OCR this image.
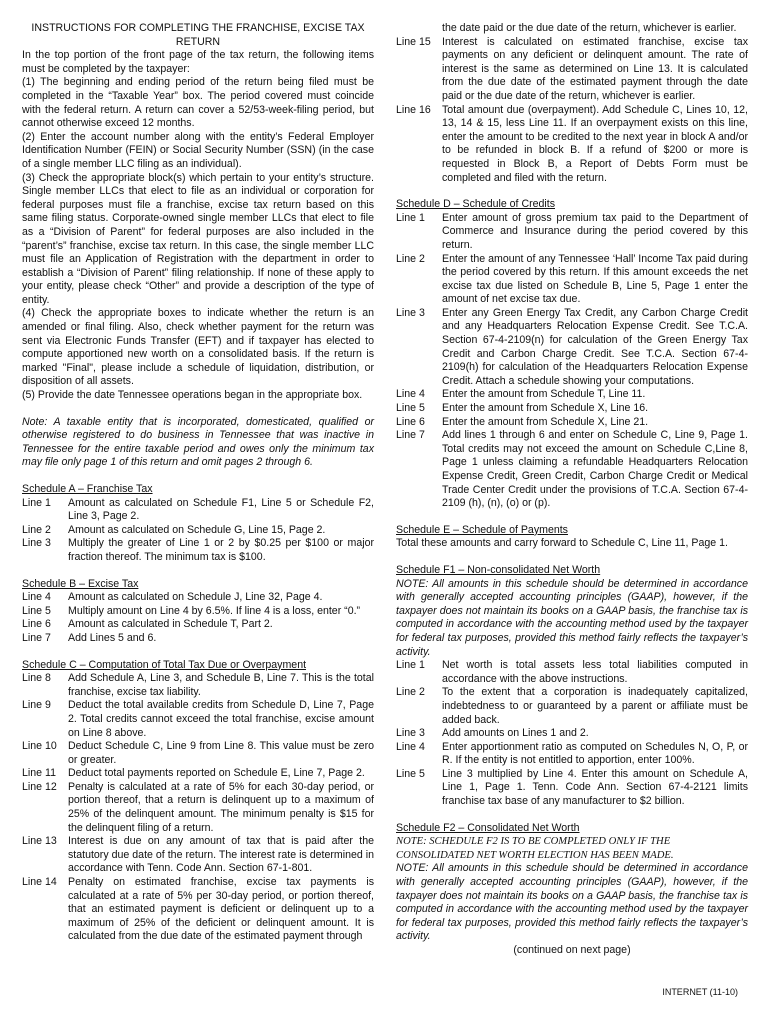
INSTRUCTIONS FOR COMPLETING THE FRANCHISE, EXCISE TAX RETURN

In the top portion of the front page of the tax return, the following items must be completed by the taxpayer:

(1) The beginning and ending period of the return being filed must be completed in the “Taxable Year” box. The period covered must coincide with the federal return. A return can cover a 52/53-week-filing period, but cannot otherwise exceed 12 months.

(2) Enter the account number along with the entity’s Federal Employer Identification Number (FEIN) or Social Security Number (SSN) (in the case of a single member LLC filing as an individual).

(3) Check the appropriate block(s) which pertain to your entity’s structure. Single member LLCs that elect to file as an individual or corporation for federal purposes must file a franchise, excise tax return based on this same filing status. Corporate-owned single member LLCs that elect to file as a “Division of Parent” for federal purposes are also included in the “parent’s” franchise, excise tax return. In this case, the single member LLC must file an Application of Registration with the department in order to establish a “Division of Parent” filing relationship. If none of these apply to your entity, please check “Other” and provide a description of the type of entity.

(4) Check the appropriate boxes to indicate whether the return is an amended or final filing. Also, check whether payment for the return was sent via Electronic Funds Transfer (EFT) and if taxpayer has elected to compute apportioned new worth on a consolidated basis. If the return is marked "Final", please include a schedule of liquidation, distribution, or disposition of all assets.

(5) Provide the date Tennessee operations began in the appropriate box.

Note: A taxable entity that is incorporated, domesticated, qualified or otherwise registered to do business in Tennessee that was inactive in Tennessee for the entire taxable period and owes only the minimum tax may file only page 1 of this return and omit pages 2 through 6.

Schedule A – Franchise Tax

Line 1	Amount as calculated on Schedule F1, Line 5 or Schedule F2, Line 3, Page 2.
Line 2	Amount as calculated on Schedule G, Line 15, Page 2.
Line 3	Multiply the greater of Line 1 or 2 by $0.25 per $100 or major fraction thereof. The minimum tax is $100.

Schedule B – Excise Tax

Line 4	Amount as calculated on Schedule J, Line 32, Page 4.
Line 5	Multiply amount on Line 4 by 6.5%. If line 4 is a loss, enter “0.”
Line 6	Amount as calculated in Schedule T, Part 2.
Line 7	Add Lines 5 and 6.

Schedule C – Computation of Total Tax Due or Overpayment

Line 8	Add Schedule A, Line 3, and Schedule B, Line 7. This is the total franchise, excise tax liability.
Line 9	Deduct the total available credits from Schedule D, Line 7, Page 2. Total credits cannot exceed the total franchise, excise amount on Line 8 above.
Line 10	Deduct Schedule C, Line 9 from Line 8. This value must be zero or greater.
Line 11	Deduct total payments reported on Schedule E, Line 7, Page 2.
Line 12	Penalty is calculated at a rate of 5% for each 30-day period, or portion thereof, that a return is delinquent up to a maximum of 25% of the delinquent amount. The minimum penalty is $15 for the delinquent filing of a return.
Line 13	Interest is due on any amount of tax that is paid after the statutory due date of the return. The interest rate is determined in accordance with Tenn. Code Ann. Section 67-1-801.
Line 14	Penalty on estimated franchise, excise tax payments is calculated at a rate of 5% per 30-day period, or portion thereof, that an estimated payment is deficient or delinquent up to a maximum of 25% of the deficient or delinquent amount. It is calculated from the due date of the estimated payment through

the date paid or the due date of the return, whichever is earlier.

Line 15	Interest is calculated on estimated franchise, excise tax payments on any deficient or delinquent amount. The rate of interest is the same as determined on Line 13. It is calculated from the due date of the estimated payment through the date paid or the due date of the return, whichever is earlier.
Line 16	Total amount due (overpayment). Add Schedule C, Lines 10, 12, 13, 14 & 15, less Line 11. If an overpayment exists on this line, enter the amount to be credited to the next year in block A and/or to be refunded in block B. If a refund of $200 or more is requested in Block B, a Report of Debts Form must be completed and filed with the return.

Schedule D – Schedule of Credits

Line 1	Enter amount of gross premium tax paid to the Department of Commerce and Insurance during the period covered by this return.
Line 2	Enter the amount of any Tennessee ‘Hall’ Income Tax paid during the period covered by this return. If this amount exceeds the net excise tax due listed on Schedule B, Line 5, Page 1 enter the amount of net excise tax due.
Line 3	Enter any Green Energy Tax Credit, any Carbon Charge Credit and any Headquarters Relocation Expense Credit. See T.C.A. Section 67-4-2109(n) for calculation of the Green Energy Tax Credit and Carbon Charge Credit. See T.C.A. Section 67-4-2109(h) for calculation of the Headquarters Relocation Expense Credit. Attach a schedule showing your computations.
Line 4	Enter the amount from Schedule T, Line 11.
Line 5	Enter the amount from Schedule X, Line 16.
Line 6	Enter the amount from Schedule X, Line 21.
Line 7	Add lines 1 through 6 and enter on Schedule C, Line 9, Page 1. Total credits may not exceed the amount on Schedule C,Line 8, Page 1 unless claiming a refundable Headquarters Relocation Expense Credit, Green Credit, Carbon Charge Credit or Medical Trade Center Credit under the provisions of T.C.A. Section 67-4-2109 (h), (n), (o) or (p).

Schedule E – Schedule of Payments

Total these amounts and carry forward to Schedule C, Line 11, Page 1.

Schedule F1 – Non-consolidated Net Worth

NOTE: All amounts in this schedule should be determined in accordance with generally accepted accounting principles (GAAP), however, if the taxpayer does not maintain its books on a GAAP basis, the franchise tax is computed in accordance with the accounting method used by the taxpayer for federal tax purposes, provided this method fairly reflects the taxpayer’s activity.

Line 1	Net worth is total assets less total liabilities computed in accordance with the above instructions.
Line 2	To the extent that a corporation is inadequately capitalized, indebtedness to or guaranteed by a parent or affiliate must be added back.
Line 3	Add amounts on Lines 1 and 2.
Line 4	Enter apportionment ratio as computed on Schedules N, O, P, or R. If the entity is not entitled to apportion, enter 100%.
Line 5	Line 3 multiplied by Line 4. Enter this amount on Schedule A, Line 1, Page 1. Tenn. Code Ann. Section 67-4-2121 limits franchise tax base of any manufacturer to $2 billion.

Schedule F2 – Consolidated Net Worth

NOTE: SCHEDULE F2 IS TO BE COMPLETED ONLY IF THE CONSOLIDATED NET WORTH ELECTION HAS BEEN MADE.

NOTE: All amounts in this schedule should be determined in accordance with generally accepted accounting principles (GAAP), however, if the taxpayer does not maintain its books on a GAAP basis, the franchise tax is computed in accordance with the accounting method used by the taxpayer for federal tax purposes, provided this method fairly reflects the taxpayer’s activity.

(continued on next page)

INTERNET (11-10)
